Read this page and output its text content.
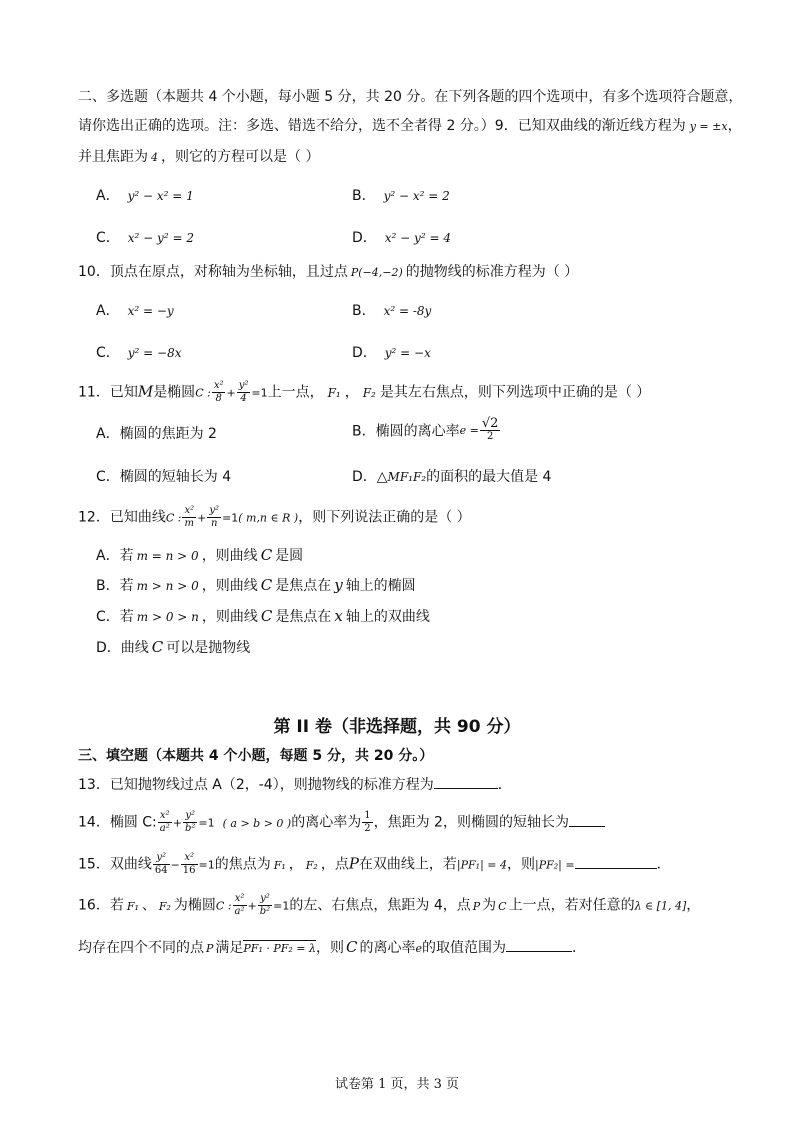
二、多选题（本题共 4 个小题，每小题 5 分，共 20 分。在下列各题的四个选项中，有多个选项符合题意，
请你选出正确的选项。注：多选、错选不给分，选不全者得 2 分。）9．已知双曲线的渐近线方程为 y = ±x，
并且焦距为 4 ，则它的方程可以是（ ）
A． y² − x² = 1	B． y² − x² = 2
C． x² − y² = 2	D． x² − y² = 4
10．顶点在原点，对称轴为坐标轴，且过点 P(−4,−2) 的抛物线的标准方程为（ ）
A． x² = −y	B． x² = -8y
C． y² = −8x	D． y² = −x
11．已知M是椭圆C : $\frac{\text{x²}}{8} + \frac{\text{y²}}{4} =1$上一点， F₁ ， F₂ 是其左右焦点，则下列选项中正确的是（ ）
A．椭圆的焦距为 2	B．椭圆的离心率$e = \frac{√2}{2}$
C．椭圆的短轴长为 4	D．△MF₁F₂的面积的最大值是 4
12．已知曲线C : $\frac{\text{x²}}{m} + \frac{\text{y²}}{n} =1$( m,n ∈ R )，则下列说法正确的是（ ）
A．若 m = n > 0 ，则曲线 C 是圆
B．若 m > n > 0 ，则曲线 C 是焦点在 y 轴上的椭圆
C．若 m > 0 > n ，则曲线 C 是焦点在 x 轴上的双曲线
D．曲线 C 可以是抛物线
第 II 卷（非选择题，共 90 分）
三、填空题（本题共 4 个小题，每题 5 分，共 20 分。）
13．已知抛物线过点 A（2，-4），则抛物线的标准方程为	．
14．椭圆 C: $\frac{\text{x²}}{\text{a²}} + \frac{\text{y²}}{\text{b²}} =1$ ( a > b > 0 )的离心率为 $\frac{1}{2}$ ，焦距为 2，则椭圆的短轴长为
15．双曲线 $\frac{\text{y²}}{64} - \frac{\text{x²}}{16} =1$的焦点为 F₁ ， F₂ ，点P在双曲线上，若|PF₁| = 4，则|PF₂| =	．
16．若 F₁ 、 F₂ 为椭圆C : $\frac{\text{x²}}{\text{a²}} + \frac{\text{y²}}{\text{b²}} =1$的左、右焦点，焦距为 4，点 P 为 C 上一点，若对任意的λ ∈ [1, 4]，
均存在四个不同的点 P 满足PF₁ · PF₂ = λ，则 C 的离心率e的取值范围为	．
试卷第 1 页，共 3 页
